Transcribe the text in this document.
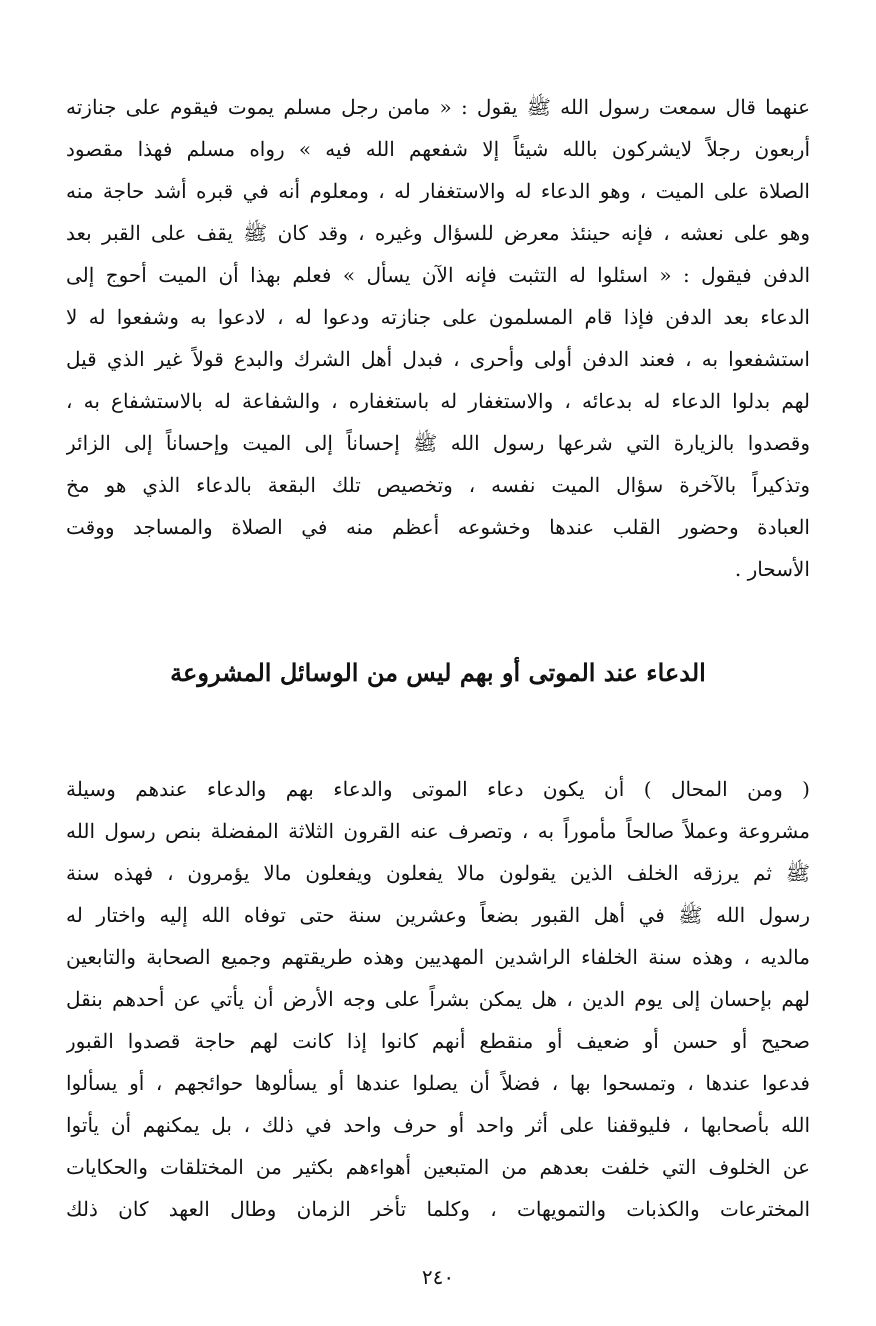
عنهما قال سمعت رسول الله ﷺ يقول : « مامن رجل مسلم يموت فيقوم على جنازته
أربعون رجلاً لايشركون بالله شيئاً إلا شفعهم الله فيه » رواه مسلم فهذا مقصود
الصلاة على الميت ، وهو الدعاء له والاستغفار له ، ومعلوم أنه في قبره أشد حاجة منه
وهو على نعشه ، فإنه حينئذ معرض للسؤال وغيره ، وقد كان ﷺ يقف على القبر بعد
الدفن فيقول : « اسئلوا له التثبت فإنه الآن يسأل » فعلم بهذا أن الميت أحوج إلى
الدعاء بعد الدفن فإذا قام المسلمون على جنازته ودعوا له ، لادعوا به وشفعوا له لا
استشفعوا به ، فعند الدفن أولى وأحرى ، فبدل أهل الشرك والبدع قولاً غير الذي قيل
لهم بدلوا الدعاء له بدعائه ، والاستغفار له باستغفاره ، والشفاعة له بالاستشفاع به ،
وقصدوا بالزيارة التي شرعها رسول الله ﷺ إحساناً إلى الميت وإحساناً إلى الزائر
وتذكيراً بالآخرة سؤال الميت نفسه ، وتخصيص تلك البقعة بالدعاء الذي هو مخ
العبادة وحضور القلب عندها وخشوعه أعظم منه في الصلاة والمساجد ووقت
الأسحار .
الدعاء عند الموتى أو بهم ليس من الوسائل المشروعة
( ومن المحال ) أن يكون دعاء الموتى والدعاء بهم والدعاء عندهم وسيلة
مشروعة وعملاً صالحاً مأموراً به ، وتصرف عنه القرون الثلاثة المفضلة بنص رسول الله
ﷺ ثم يرزقه الخلف الذين يقولون مالا يفعلون ويفعلون مالا يؤمرون ، فهذه سنة
رسول الله ﷺ في أهل القبور بضعاً وعشرين سنة حتى توفاه الله إليه واختار له
مالديه ، وهذه سنة الخلفاء الراشدين المهديين وهذه طريقتهم وجميع الصحابة والتابعين
لهم بإحسان إلى يوم الدين ، هل يمكن بشراً على وجه الأرض أن يأتي عن أحدهم بنقل
صحيح أو حسن أو ضعيف أو منقطع أنهم كانوا إذا كانت لهم حاجة قصدوا القبور
فدعوا عندها ، وتمسحوا بها ، فضلاً أن يصلوا عندها أو يسألوها حوائجهم ، أو يسألوا
الله بأصحابها ، فليوقفنا على أثر واحد أو حرف واحد في ذلك ، بل يمكنهم أن يأتوا
عن الخلوف التي خلفت بعدهم من المتبعين أهواءهم بكثير من المختلقات والحكايات
المخترعات والكذبات والتمويهات ، وكلما تأخر الزمان وطال العهد كان ذلك
٢٤٠
